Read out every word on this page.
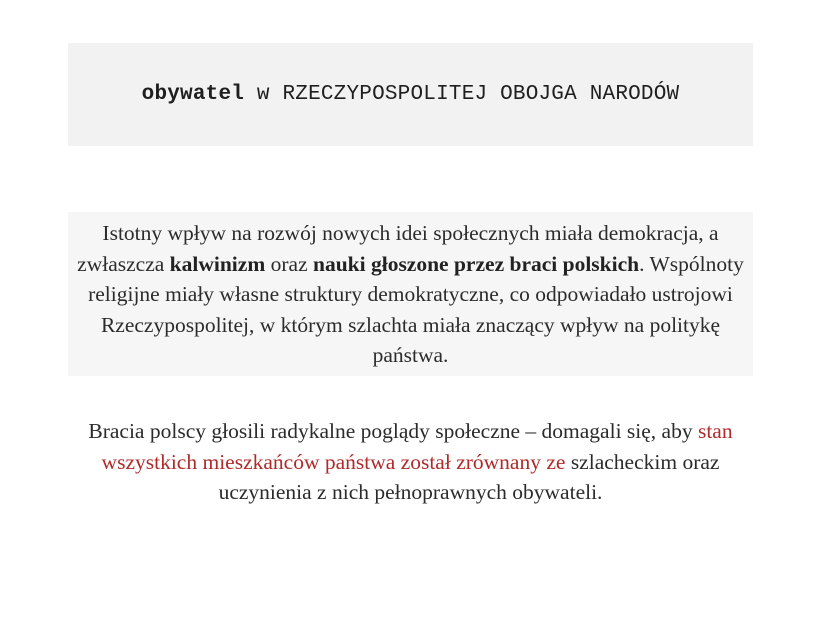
obywatel w RZECZYPOSPOLITEJ OBOJGA NARODÓW
Istotny wpływ na rozwój nowych idei społecznych miała demokracja, a zwłaszcza kalwinizm oraz nauki głoszone przez braci polskich. Wspólnoty religijne miały własne struktury demokratyczne, co odpowiadało ustrojowi Rzeczypospolitej, w którym szlachta miała znaczący wpływ na politykę państwa.
Bracia polscy głosili radykalne poglądy społeczne – domagali się, aby stan wszystkich mieszkańców państwa został zrównany ze szlacheckim oraz uczynienia z nich pełnoprawnych obywateli.
